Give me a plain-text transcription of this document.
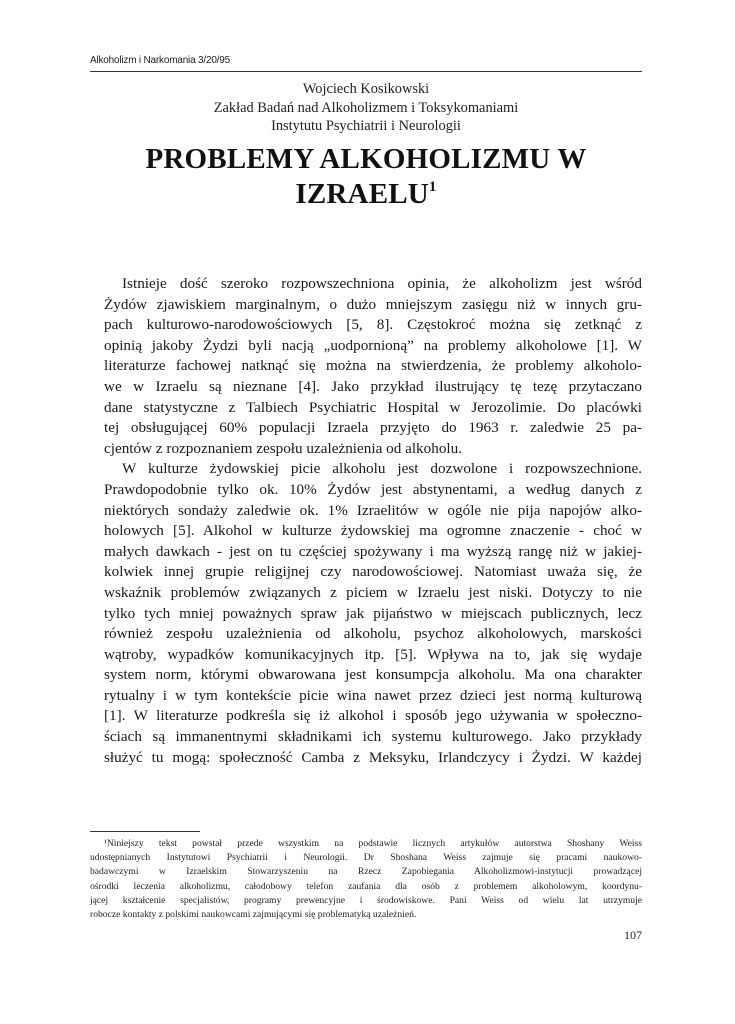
Alkoholizm i Narkomania 3/20/95
Wojciech Kosikowski
Zakład Badań nad Alkoholizmem i Toksykomaniami
Instytutu Psychiatrii i Neurologii
PROBLEMY ALKOHOLIZMU W
IZRAELU$^1$

Istnieje dość szeroko rozpowszechniona opinia, że alkoholizm jest wśród
Żydów zjawiskiem marginalnym, o dużo mniejszym zasięgu niż w innych gru-
pach kulturowo-narodowościowych [5, 8]. Częstokroć można się zetknąć z
opinią jakoby Żydzi byli nacją „uodpornioną” na problemy alkoholowe [1]. W
literaturze fachowej natknąć się można na stwierdzenia, że problemy alkoholo-
we w Izraelu są nieznane [4]. Jako przykład ilustrujący tę tezę przytaczano
dane statystyczne z Talbiech Psychiatric Hospital w Jerozolimie. Do placówki
tej obsługującej 60% populacji Izraela przyjęto do 1963 r. zaledwie 25 pa-
cjentów z rozpoznaniem zespołu uzależnienia od alkoholu.

W kulturze żydowskiej picie alkoholu jest dozwolone i rozpowszechnione.
Prawdopodobnie tylko ok. 10% Żydów jest abstynentami, a według danych z
niektórych sondaży zaledwie ok. 1% Izraelitów w ogóle nie pija napojów alko-
holowych [5]. Alkohol w kulturze żydowskiej ma ogromne znaczenie - choć w
małych dawkach - jest on tu częściej spożywany i ma wyższą rangę niż w jakiej-
kolwiek innej grupie religijnej czy narodowościowej. Natomiast uważa się, że
wskaźnik problemów związanych z piciem w Izraelu jest niski. Dotyczy to nie
tylko tych mniej poważnych spraw jak pijaństwo w miejscach publicznych, lecz
również zespołu uzależnienia od alkoholu, psychoz alkoholowych, marskości
wątroby, wypadków komunikacyjnych itp. [5]. Wpływa na to, jak się wydaje
system norm, którymi obwarowana jest konsumpcja alkoholu. Ma ona charakter
rytualny i w tym kontekście picie wina nawet przez dzieci jest normą kulturową
[1]. W literaturze podkreśla się iż alkohol i sposób jego używania w społeczno-
ściach są immanentnymi składnikami ich systemu kulturowego. Jako przykłady
służyć tu mogą: społeczność Camba z Meksyku, Irlandczycy i Żydzi. W każdej

¹Niniejszy tekst powstał przede wszystkim na podstawie licznych artykułów autorstwa Shoshany Weiss
udostępnianych Instytutowi Psychiatrii i Neurologii. Dr Shoshana Weiss zajmuje się pracami naukowo-
badawczymi w Izraelskim Stowarzyszeniu na Rzecz Zapobiegania Alkoholizmowi-instytucji prowadzącej
ośrodki leczenia alkoholizmu, całodobowy telefon zaufania dla osób z problemem alkoholowym, koordynu-
jącej kształcenie specjalistów, programy prewencyjne i środowiskowe. Pani Weiss od wielu lat utrzymuje
robocze kontakty z polskimi naukowcami zajmującymi się problematyką uzależnień.
107
